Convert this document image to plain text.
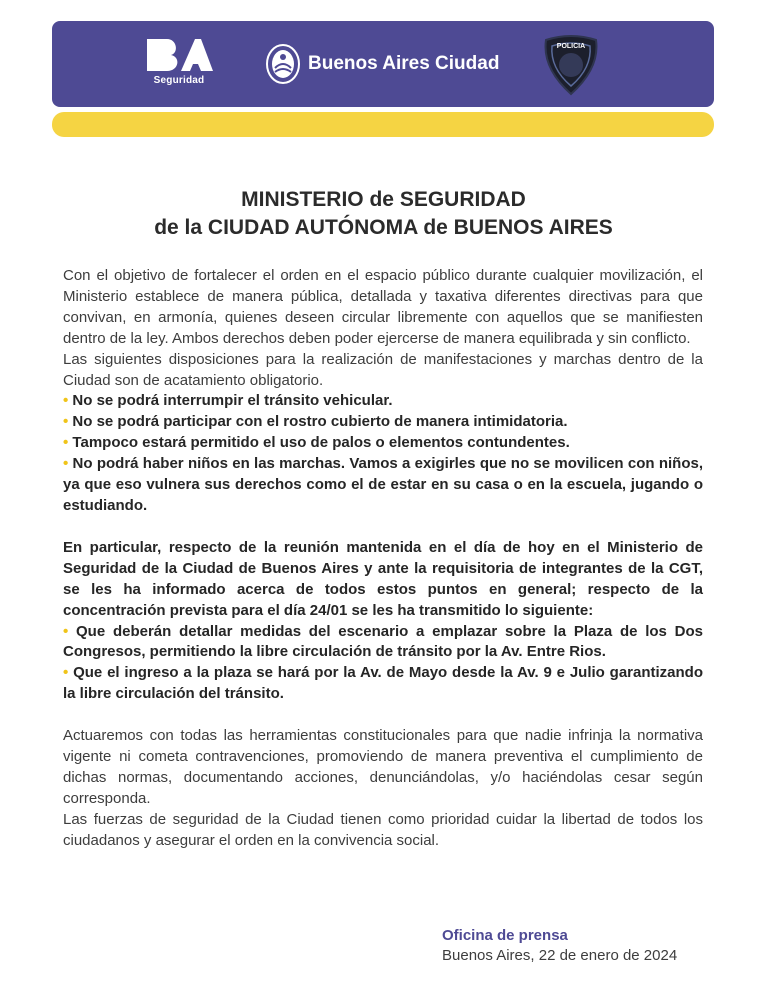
Seguridad
Buenos Aires Ciudad
POLICIA
MINISTERIO de SEGURIDAD
de la CIUDAD AUTÓNOMA de BUENOS AIRES

Con el objetivo de fortalecer el orden en el espacio público durante cualquier movilización, el Ministerio establece de manera pública, detallada y taxativa diferentes directivas para que convivan, en armonía, quienes deseen circular libremente con aquellos que se manifiesten dentro de la ley. Ambos derechos deben poder ejercerse de manera equilibrada y sin conflicto.

Las siguientes disposiciones para la realización de manifestaciones y marchas dentro de la Ciudad son de acatamiento obligatorio.

• No se podrá interrumpir el tránsito vehicular.

• No se podrá participar con el rostro cubierto de manera intimidatoria.

• Tampoco estará permitido el uso de palos o elementos contundentes.

• No podrá haber niños en las marchas. Vamos a exigirles que no se movilicen con niños, ya que eso vulnera sus derechos como el de estar en su casa o en la escuela, jugando o estudiando.

En particular, respecto de la reunión mantenida en el día de hoy en el Ministerio de Seguridad de la Ciudad de Buenos Aires y ante la requisitoria de integrantes de la CGT, se les ha informado acerca de todos estos puntos en general; respecto de la concentración prevista para el día 24/01 se les ha transmitido lo siguiente:

• Que deberán detallar medidas del escenario a emplazar sobre la Plaza de los Dos Congresos, permitiendo la libre circulación de tránsito por la Av. Entre Rios.

• Que el ingreso a la plaza se hará por la Av. de Mayo desde la Av. 9 e Julio garantizando la libre circulación del tránsito.

Actuaremos con todas las herramientas constitucionales para que nadie infrinja la normativa vigente ni cometa contravenciones, promoviendo de manera preventiva el cumplimiento de dichas normas, documentando acciones, denunciándolas, y/o haciéndolas cesar según corresponda.

Las fuerzas de seguridad de la Ciudad tienen como prioridad cuidar la libertad de todos los ciudadanos y asegurar el orden en la convivencia social.

Oficina de prensa
Buenos Aires, 22 de enero de 2024
